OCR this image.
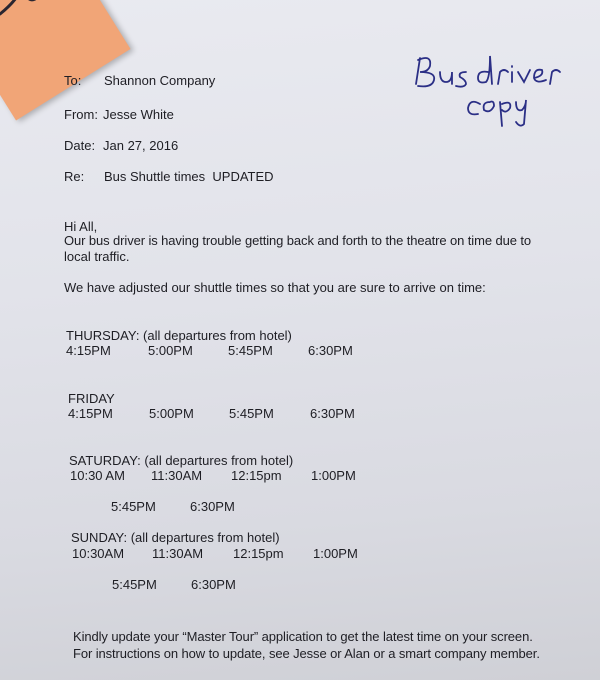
To: Shannon Company
From: Jesse White
Date: Jan 27, 2016
Re: Bus Shuttle times  UPDATED
Hi All,
Our bus driver is having trouble getting back and forth to the theatre on time due to
local traffic.
We have adjusted our shuttle times so that you are sure to arrive on time:
THURSDAY: (all departures from hotel)
4:15PM	5:00PM	5:45PM	6:30PM
FRIDAY
4:15PM	5:00PM	5:45PM	6:30PM
SATURDAY: (all departures from hotel)
10:30 AM 11:30AM 12:15pm 1:00PM
5:45PM	6:30PM
SUNDAY: (all departures from hotel)
10:30AM 11:30AM 12:15pm 1:00PM
5:45PM	6:30PM
Kindly update your “Master Tour” application to get the latest time on your screen.
For instructions on how to update, see Jesse or Alan or a smart company member.
